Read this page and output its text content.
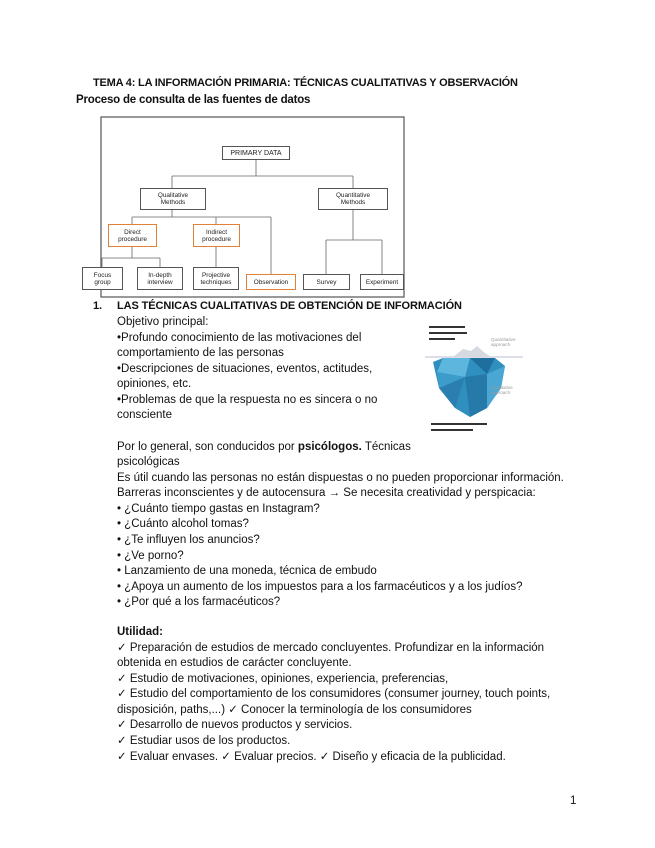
TEMA 4: LA INFORMACIÓN PRIMARIA: TÉCNICAS CUALITATIVAS Y OBSERVACIÓN
Proceso de consulta de las fuentes de datos
PRIMARY DATA
Qualitative
Methods
Quantitative
Methods
Direct
procedure
Indirect
procedure
Focus
group
In-depth
interview
Projective
techniques	Observation	Survey	Experiment
1. LAS TÉCNICAS CUALITATIVAS DE OBTENCIÓN DE INFORMACIÓN
Objetivo principal:
•Profundo conocimiento de las motivaciones del
comportamiento de las personas
•Descripciones de situaciones, eventos, actitudes,
opiniones, etc.
•Problemas de que la respuesta no es sincera o no
consciente
Quantitative
approach
Qualitative
approach
Por lo general, son conducidos por psicólogos. Técnicas
psicológicas
Es útil cuando las personas no están dispuestas o no pueden proporcionar información.
Barreras inconscientes y de autocensura → Se necesita creatividad y perspicacia:
• ¿Cuánto tiempo gastas en Instagram?
• ¿Cuánto alcohol tomas?
• ¿Te influyen los anuncios?
• ¿Ve porno?
• Lanzamiento de una moneda, técnica de embudo
• ¿Apoya un aumento de los impuestos para a los farmacéuticos y a los judíos?
• ¿Por qué a los farmacéuticos?
Utilidad:
✓ Preparación de estudios de mercado concluyentes. Profundizar en la información
obtenida en estudios de carácter concluyente.
✓ Estudio de motivaciones, opiniones, experiencia, preferencias,
✓ Estudio del comportamiento de los consumidores (consumer journey, touch points,
disposición, paths,...) ✓ Conocer la terminología de los consumidores
✓ Desarrollo de nuevos productos y servicios.
✓ Estudiar usos de los productos.
✓ Evaluar envases. ✓ Evaluar precios. ✓ Diseño y eficacia de la publicidad.
1
